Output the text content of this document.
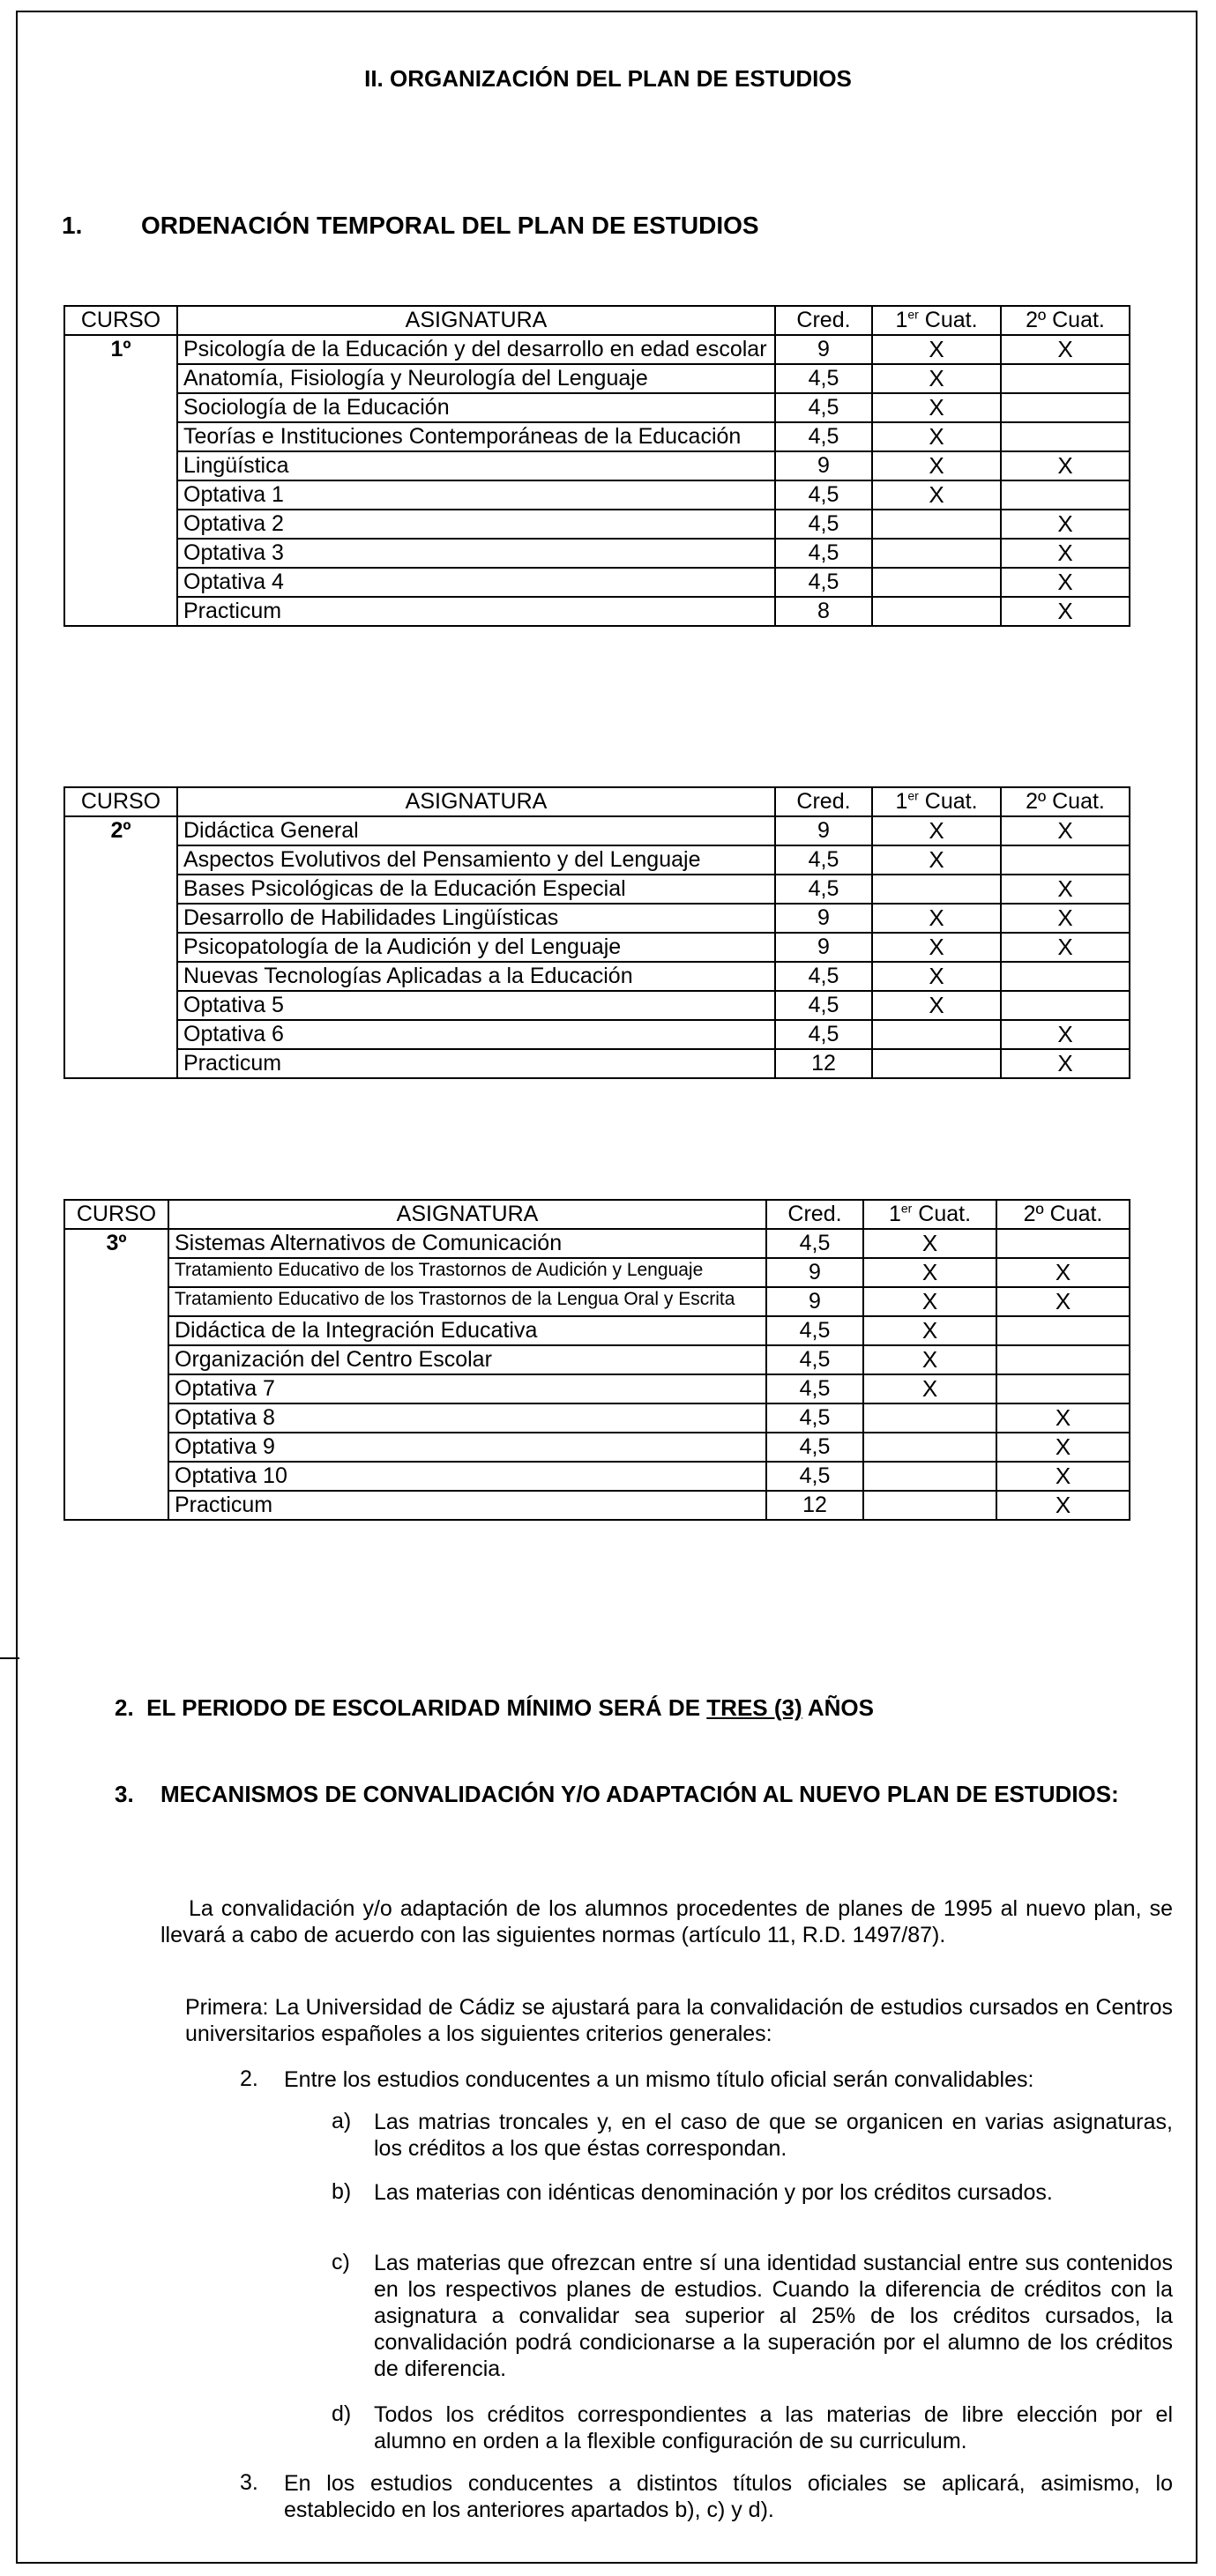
II. ORGANIZACIÓN DEL PLAN DE ESTUDIOS
1. ORDENACIÓN TEMPORAL DEL PLAN DE ESTUDIOS
CURSO	ASIGNATURA	Cred.	1er Cuat.	2º Cuat.
1º	Psicología de la Educación y del desarrollo en edad escolar	9	X	X
	Anatomía, Fisiología y Neurología del Lenguaje	4,5	X	
	Sociología de la Educación	4,5	X	
	Teorías e Instituciones Contemporáneas de la Educación	4,5	X	
	Lingüística	9	X	X
	Optativa 1	4,5	X	
	Optativa 2	4,5		X
	Optativa 3	4,5		X
	Optativa 4	4,5		X
	Practicum	8		X
CURSO	ASIGNATURA	Cred.	1er Cuat.	2º Cuat.
2º	Didáctica General	9	X	X
	Aspectos Evolutivos del Pensamiento y del Lenguaje	4,5	X	
	Bases Psicológicas de la Educación Especial	4,5		X
	Desarrollo de Habilidades Lingüísticas	9	X	X
	Psicopatología de la Audición y del Lenguaje	9	X	X
	Nuevas Tecnologías Aplicadas a la Educación	4,5	X	
	Optativa 5	4,5	X	
	Optativa 6	4,5		X
	Practicum	12		X
CURSO	ASIGNATURA	Cred.	1er Cuat.	2º Cuat.
3º	Sistemas Alternativos de Comunicación	4,5	X	
	Tratamiento Educativo de los Trastornos de Audición y Lenguaje	9	X	X
	Tratamiento Educativo de los Trastornos de la Lengua Oral y Escrita	9	X	X
	Didáctica de la Integración Educativa	4,5	X	
	Organización del Centro Escolar	4,5	X	
	Optativa 7	4,5	X	
	Optativa 8	4,5		X
	Optativa 9	4,5		X
	Optativa 10	4,5		X
	Practicum	12		X
2. EL PERIODO DE ESCOLARIDAD MÍNIMO SERÁ DE TRES (3) AÑOS
3. MECANISMOS DE CONVALIDACIÓN Y/O ADAPTACIÓN AL NUEVO PLAN DE ESTUDIOS:
La convalidación y/o adaptación de los alumnos procedentes de planes de 1995 al nuevo plan, se llevará a cabo de acuerdo con las siguientes normas (artículo 11, R.D. 1497/87).
Primera: La Universidad de Cádiz se ajustará para la convalidación de estudios cursados en Centros universitarios españoles a los siguientes criterios generales:
2. Entre los estudios conducentes a un mismo título oficial serán convalidables:
a) Las matrias troncales y, en el caso de que se organicen en varias asignaturas, los créditos a los que éstas correspondan.
b) Las materias con idénticas denominación y por los créditos cursados.
c) Las materias que ofrezcan entre sí una identidad sustancial entre sus contenidos en los respectivos planes de estudios. Cuando la diferencia de créditos con la asignatura a convalidar sea superior al 25% de los créditos cursados, la convalidación podrá condicionarse a la superación por el alumno de los créditos de diferencia.
d) Todos los créditos correspondientes a las materias de libre elección por el alumno en orden a la flexible configuración de su curriculum.
3. En los estudios conducentes a distintos títulos oficiales se aplicará, asimismo, lo establecido en los anteriores apartados b), c) y d).
